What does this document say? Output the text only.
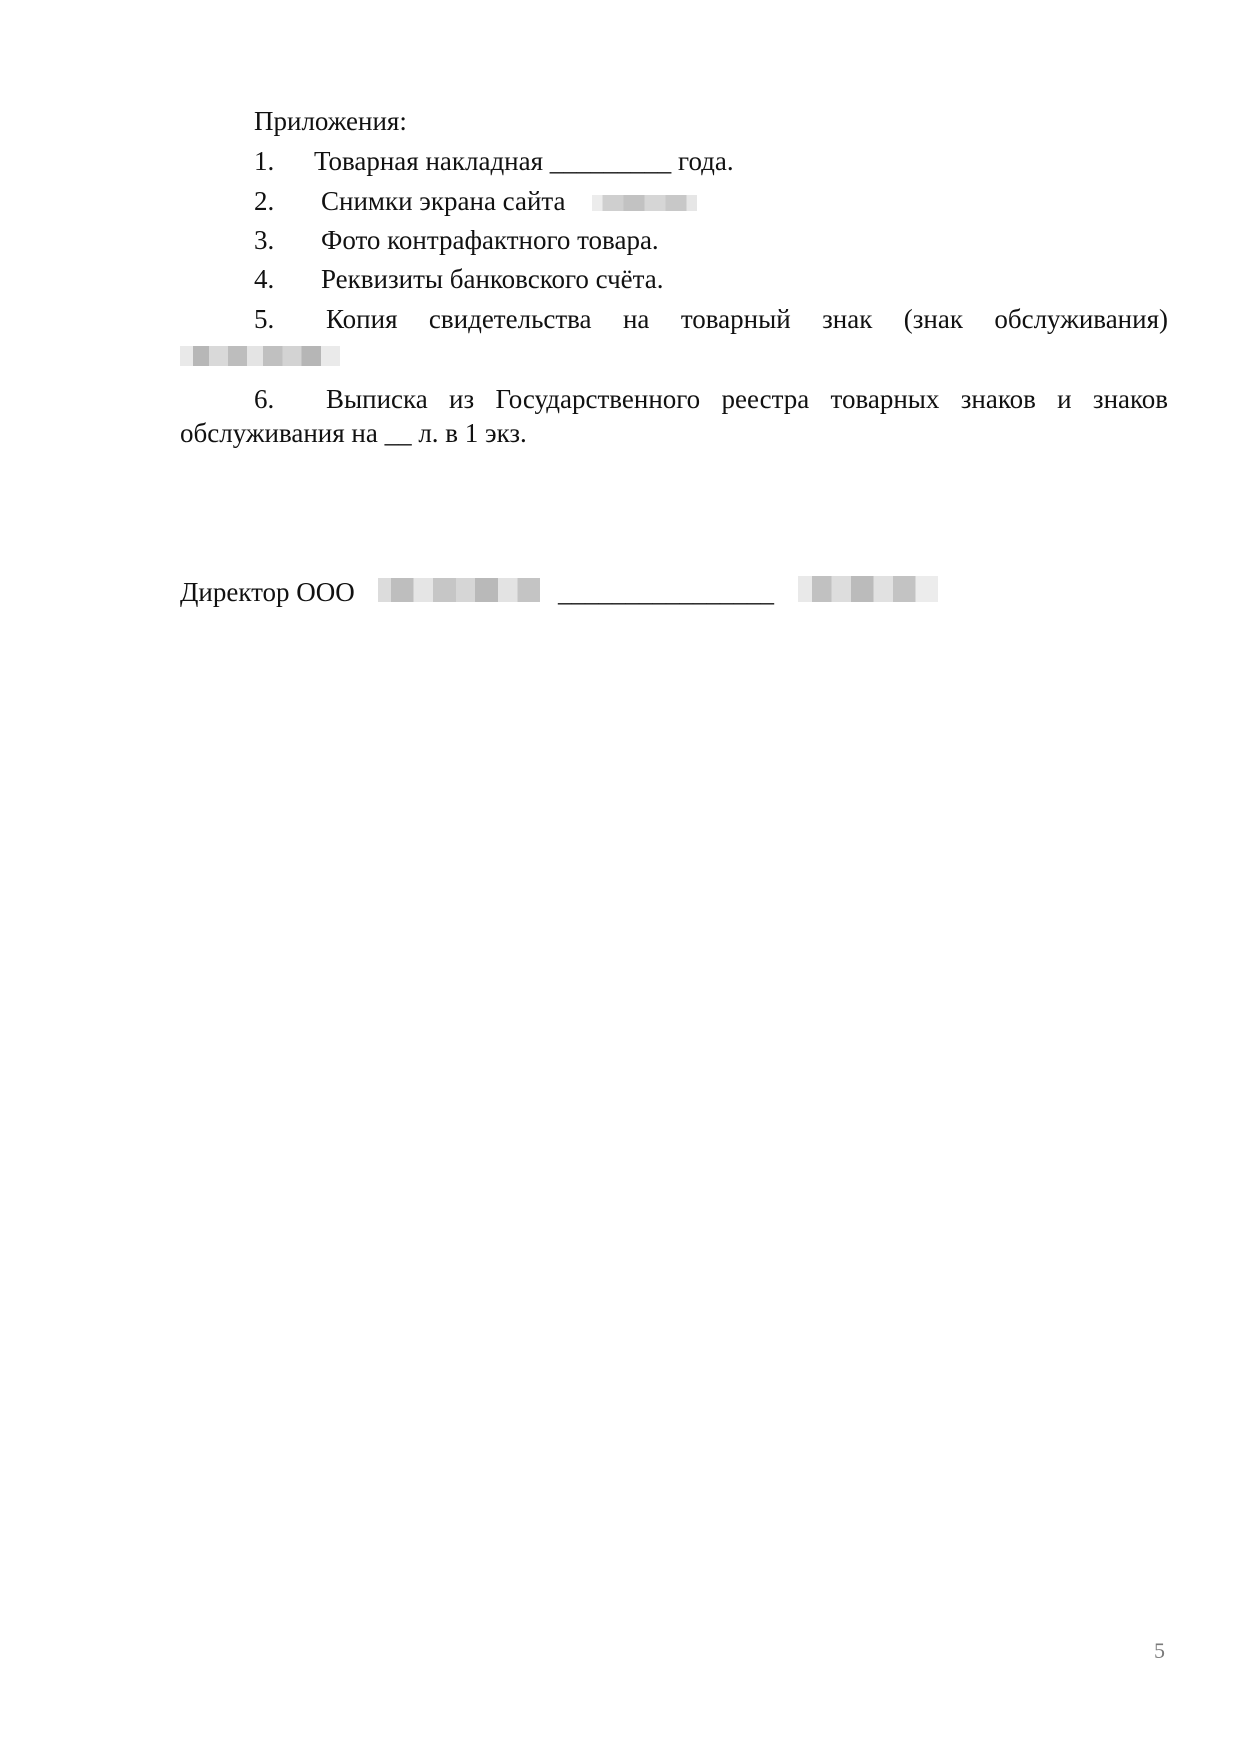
Приложения:
1. Товарная накладная _________ года.
2. Снимки экрана сайта
3. Фото контрафактного товара.
4. Реквизиты банковского счёта.
5. Копия свидетельства на товарный знак (знак обслуживания)
6. Выписка из Государственного реестра товарных знаков и знаков
обслуживания на __ л. в 1 экз.
Директор ООО	________________
5
